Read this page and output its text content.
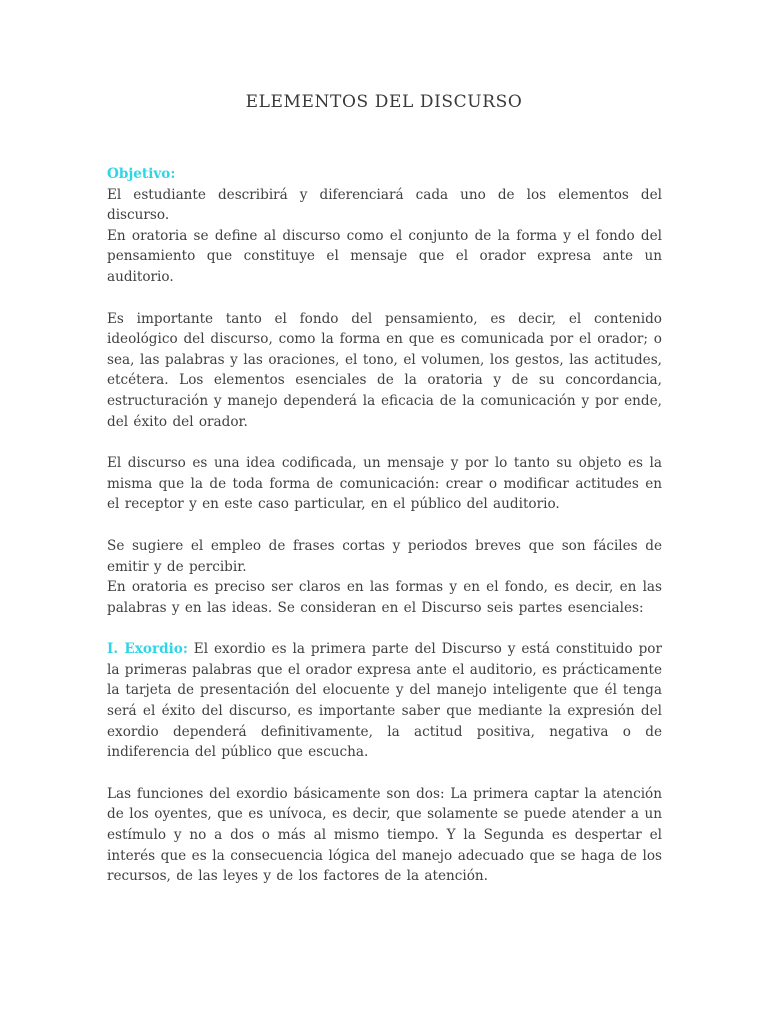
ELEMENTOS DEL DISCURSO
Objetivo:

El estudiante describirá y diferenciará cada uno de los elementos del discurso.

En oratoria se define al discurso como el conjunto de la forma y el fondo del pensamiento que constituye el mensaje que el orador expresa ante un auditorio.

Es importante tanto el fondo del pensamiento, es decir, el contenido ideológico del discurso, como la forma en que es comunicada por el orador; o sea, las palabras y las oraciones, el tono, el volumen, los gestos, las actitudes, etcétera. Los elementos esenciales de la oratoria y de su concordancia, estructuración y manejo dependerá la eficacia de la comunicación y por ende, del éxito del orador.

El discurso es una idea codificada, un mensaje y por lo tanto su objeto es la misma que la de toda forma de comunicación: crear o modificar actitudes en el receptor y en este caso particular, en el público del auditorio.

Se sugiere el empleo de frases cortas y periodos breves que son fáciles de emitir y de percibir.

En oratoria es preciso ser claros en las formas y en el fondo, es decir, en las palabras y en las ideas. Se consideran en el Discurso seis partes esenciales:

I. Exordio: El exordio es la primera parte del Discurso y está constituido por la primeras palabras que el orador expresa ante el auditorio, es prácticamente la tarjeta de presentación del elocuente y del manejo inteligente que él tenga será el éxito del discurso, es importante saber que mediante la expresión del exordio dependerá definitivamente, la actitud positiva, negativa o de indiferencia del público que escucha.

Las funciones del exordio básicamente son dos: La primera captar la atención de los oyentes, que es unívoca, es decir, que solamente se puede atender a un estímulo y no a dos o más al mismo tiempo. Y la Segunda es despertar el interés que es la consecuencia lógica del manejo adecuado que se haga de los recursos, de las leyes y de los factores de la atención.
